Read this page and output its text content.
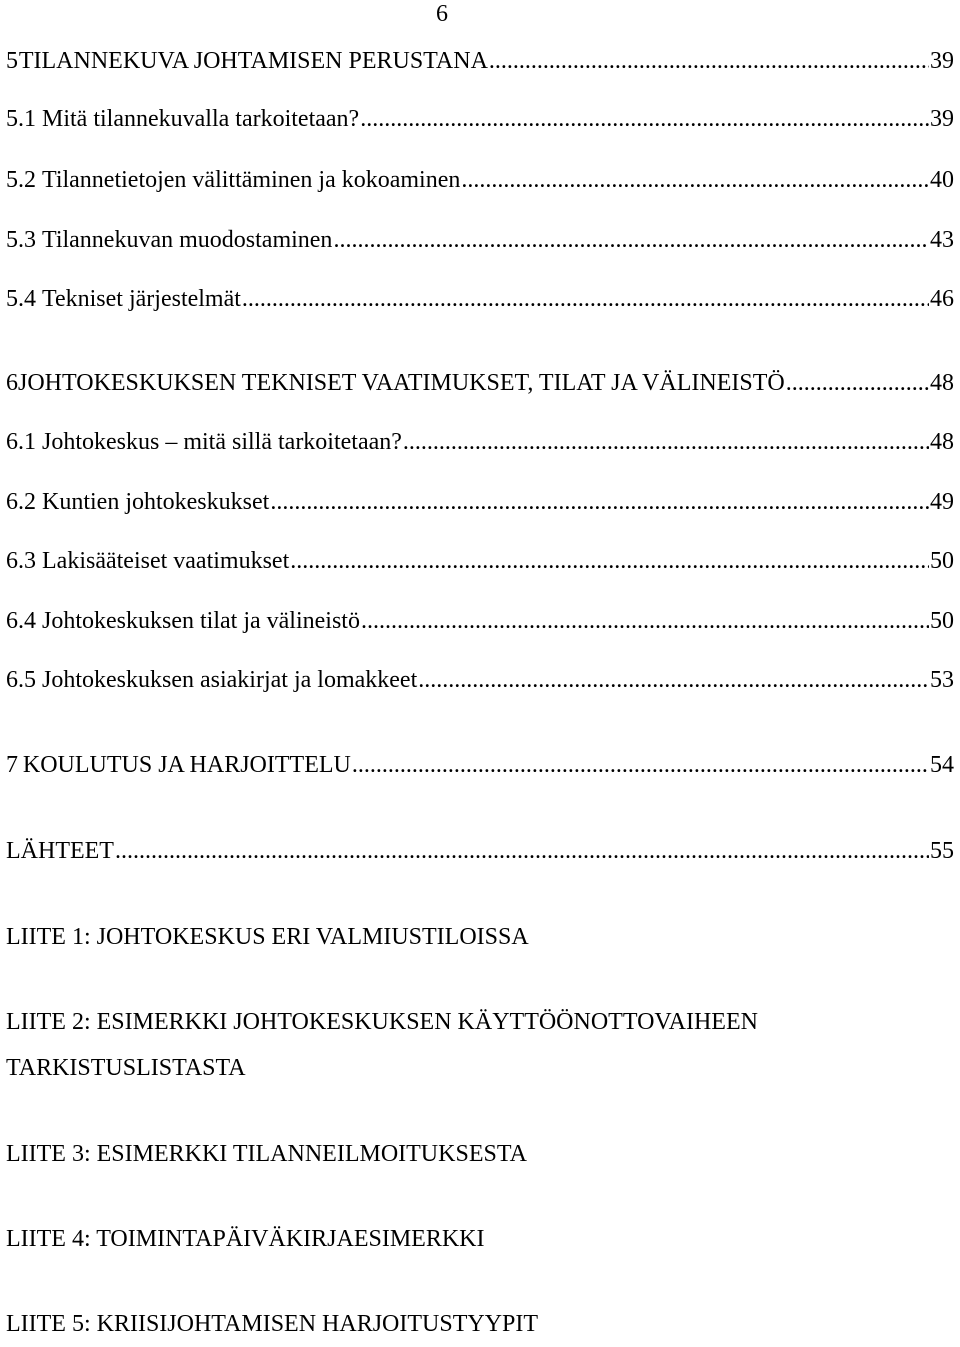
6
5 TILANNEKUVA JOHTAMISEN PERUSTANA .....	39
5.1 Mitä tilannekuvalla tarkoitetaan? .....	39
5.2 Tilannetietojen välittäminen ja kokoaminen .....	40
5.3 Tilannekuvan muodostaminen .....	43
5.4 Tekniset järjestelmät .....	46
6 JOHTOKESKUKSEN TEKNISET VAATIMUKSET, TILAT JA VÄLINEISTÖ .....	48
6.1 Johtokeskus – mitä sillä tarkoitetaan? .....	48
6.2 Kuntien johtokeskukset .....	49
6.3 Lakisääteiset vaatimukset .....	50
6.4 Johtokeskuksen tilat ja välineistö .....	50
6.5 Johtokeskuksen asiakirjat ja lomakkeet .....	53
7 KOULUTUS JA HARJOITTELU .....	54
LÄHTEET .....	55
LIITE 1: JOHTOKESKUS ERI VALMIUSTILOISSA
LIITE 2: ESIMERKKI JOHTOKESKUKSEN KÄYTTÖÖNOTTOVAIHEEN TARKISTUSLISTASTA
LIITE 3: ESIMERKKI TILANNEILMOITUKSESTA
LIITE 4: TOIMINTAPÄIVÄKIRJAESIMERKKI
LIITE 5: KRIISIJOHTAMISEN HARJOITUSTYYPIT
